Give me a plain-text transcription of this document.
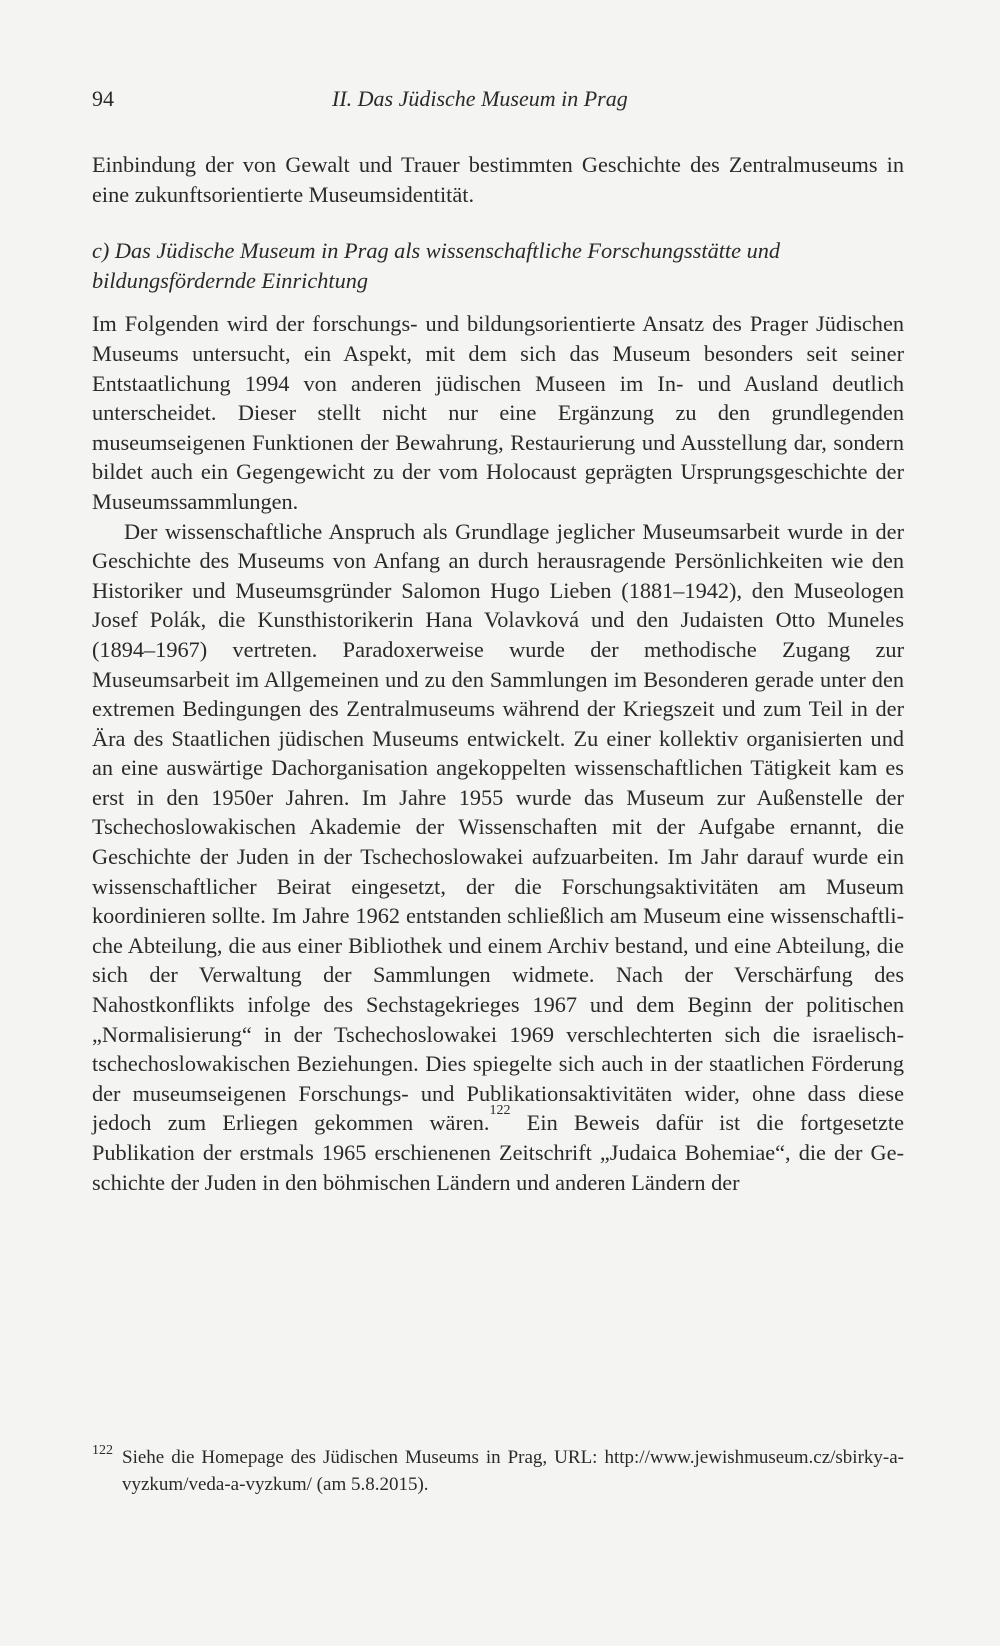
94	II. Das Jüdische Museum in Prag

Einbindung der von Gewalt und Trauer bestimmten Geschichte des Zentralmuseums in eine zukunftsorientierte Museumsidentität.

c) Das Jüdische Museum in Prag als wissenschaftliche Forschungsstätte und bildungsfördernde Einrichtung

Im Folgenden wird der forschungs- und bildungsorientierte Ansatz des Prager Jüdischen Museums untersucht, ein Aspekt, mit dem sich das Museum besonders seit seiner Entstaatlichung 1994 von anderen jüdischen Museen im In- und Ausland deutlich unterscheidet. Dieser stellt nicht nur eine Ergänzung zu den grundlegenden museumseigenen Funktionen der Bewahrung, Restaurierung und Ausstellung dar, sondern bildet auch ein Gegengewicht zu der vom Holocaust geprägten Ursprungsgeschichte der Museumssammlungen.

Der wissenschaftliche Anspruch als Grundlage jeglicher Museumsarbeit wurde in der Geschichte des Museums von Anfang an durch herausragende Persönlichkeiten wie den Historiker und Museumsgründer Salomon Hugo Lieben (1881–1942), den Museologen Josef Polák, die Kunsthistorikerin Hana Volavková und den Judaisten Otto Muneles (1894–1967) vertreten. Paradoxerweise wurde der methodische Zugang zur Museumsarbeit im Allgemeinen und zu den Sammlungen im Besonderen gerade unter den extremen Bedingungen des Zentralmuseums während der Kriegszeit und zum Teil in der Ära des Staatlichen jüdischen Museums entwickelt. Zu einer kollektiv organisierten und an eine auswärtige Dachorganisation angekoppelten wissenschaftlichen Tätigkeit kam es erst in den 1950er Jahren. Im Jahre 1955 wurde das Museum zur Außenstelle der Tschechoslowakischen Akademie der Wissenschaften mit der Aufgabe ernannt, die Geschichte der Juden in der Tschechoslowakei aufzuarbeiten. Im Jahr darauf wurde ein wissenschaftlicher Beirat eingesetzt, der die Forschungsaktivitäten am Museum koordinieren sollte. Im Jahre 1962 entstanden schließlich am Museum eine wissenschaftliche Abteilung, die aus einer Bibliothek und einem Archiv bestand, und eine Abteilung, die sich der Verwaltung der Sammlungen widmete. Nach der Verschärfung des Nahostkonflikts infolge des Sechstagekrieges 1967 und dem Beginn der politischen „Normalisierung“ in der Tschechoslowakei 1969 verschlechterten sich die israelisch-tschechoslowakischen Beziehungen. Dies spiegelte sich auch in der staatlichen Förderung der museumseigenen Forschungs- und Publikationsaktivitäten wider, ohne dass diese jedoch zum Erliegen gekommen wären.$^{122}$ Ein Beweis dafür ist die fortgesetzte Publikation der erstmals 1965 erschienenen Zeitschrift „Judaica Bohemiae“, die der Geschichte der Juden in den böhmischen Ländern und anderen Ländern der

122 Siehe die Homepage des Jüdischen Museums in Prag, URL: http://www.jewishmuseum.cz/sbirky-a-vyzkum/veda-a-vyzkum/ (am 5.8.2015).
